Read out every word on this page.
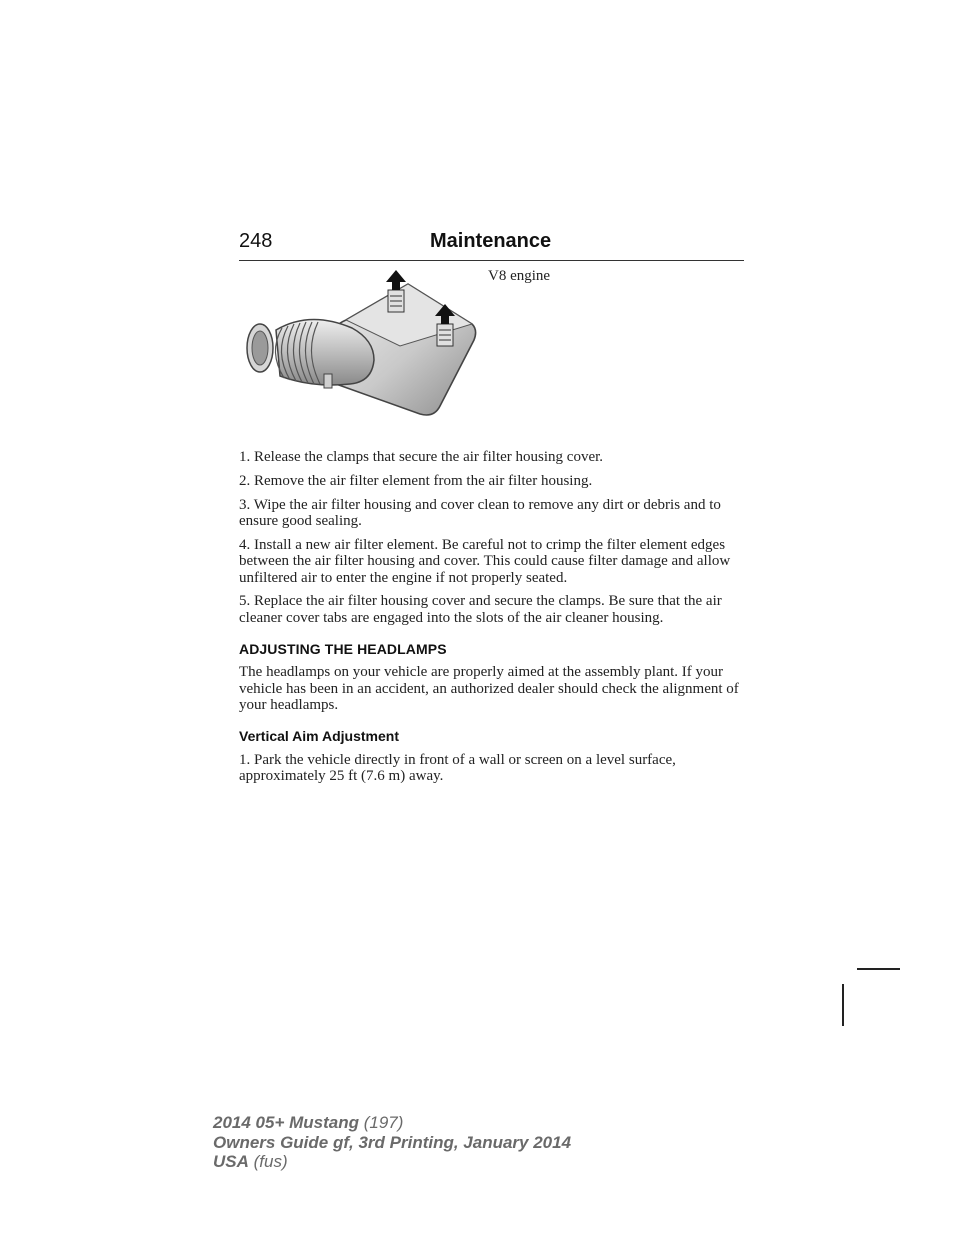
248	Maintenance
V8 engine

1. Release the clamps that secure the air filter housing cover.

2. Remove the air filter element from the air filter housing.

3. Wipe the air filter housing and cover clean to remove any dirt or debris and to ensure good sealing.

4. Install a new air filter element. Be careful not to crimp the filter element edges between the air filter housing and cover. This could cause filter damage and allow unfiltered air to enter the engine if not properly seated.

5. Replace the air filter housing cover and secure the clamps. Be sure that the air cleaner cover tabs are engaged into the slots of the air cleaner housing.

ADJUSTING THE HEADLAMPS

The headlamps on your vehicle are properly aimed at the assembly plant. If your vehicle has been in an accident, an authorized dealer should check the alignment of your headlamps.

Vertical Aim Adjustment

1. Park the vehicle directly in front of a wall or screen on a level surface, approximately 25 ft (7.6 m) away.

2014 05+ Mustang (197)
Owners Guide gf, 3rd Printing, January 2014
USA (fus)
